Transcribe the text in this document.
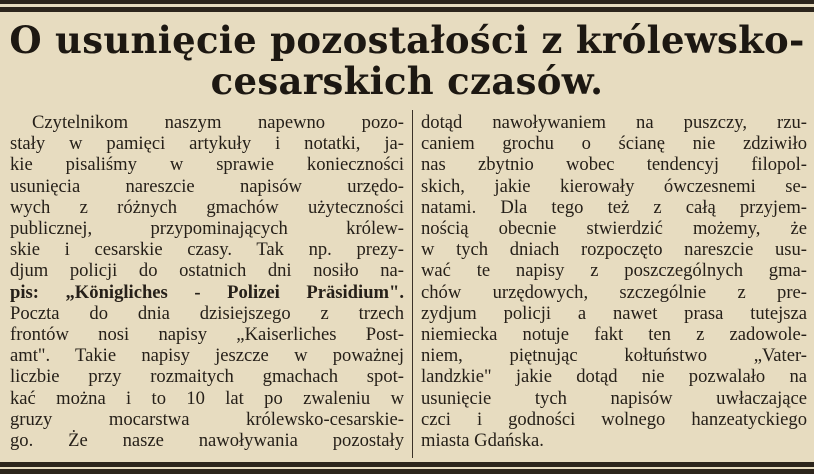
O usunięcie pozostałości z królewsko-
cesarskich czasów.
Czytelnikom naszym napewno pozo-
stały w pamięci artykuły i notatki, ja-
kie pisaliśmy w sprawie konieczności
usunięcia nareszcie napisów urzędo-
wych z różnych gmachów użyteczności
publicznej, przypominających królew-
skie i cesarskie czasy. Tak np. prezy-
djum policji do ostatnich dni nosiło na-
pis: „Königliches - Polizei Präsidium".
Poczta do dnia dzisiejszego z trzech
frontów nosi napisy „Kaiserliches Post-
amt". Takie napisy jeszcze w poważnej
liczbie przy rozmaitych gmachach spot-
kać można i to 10 lat po zwaleniu w
gruzy mocarstwa królewsko-cesarskie-
go. Że nasze nawoływania pozostały
dotąd nawoływaniem na puszczy, rzu-
caniem grochu o ścianę nie zdziwiło
nas zbytnio wobec tendencyj filopol-
skich, jakie kierowały ówczesnemi se-
natami. Dla tego też z całą przyjem-
nością obecnie stwierdzić możemy, że
w tych dniach rozpoczęto nareszcie usu-
wać te napisy z poszczególnych gma-
chów urzędowych, szczególnie z pre-
zydjum policji a nawet prasa tutejsza
niemiecka notuje fakt ten z zadowole-
niem, piętnując kołtuństwo „Vater-
landzkie" jakie dotąd nie pozwalało na
usunięcie tych napisów uwłaczające
czci i godności wolnego hanzeatyckiego
miasta Gdańska.
